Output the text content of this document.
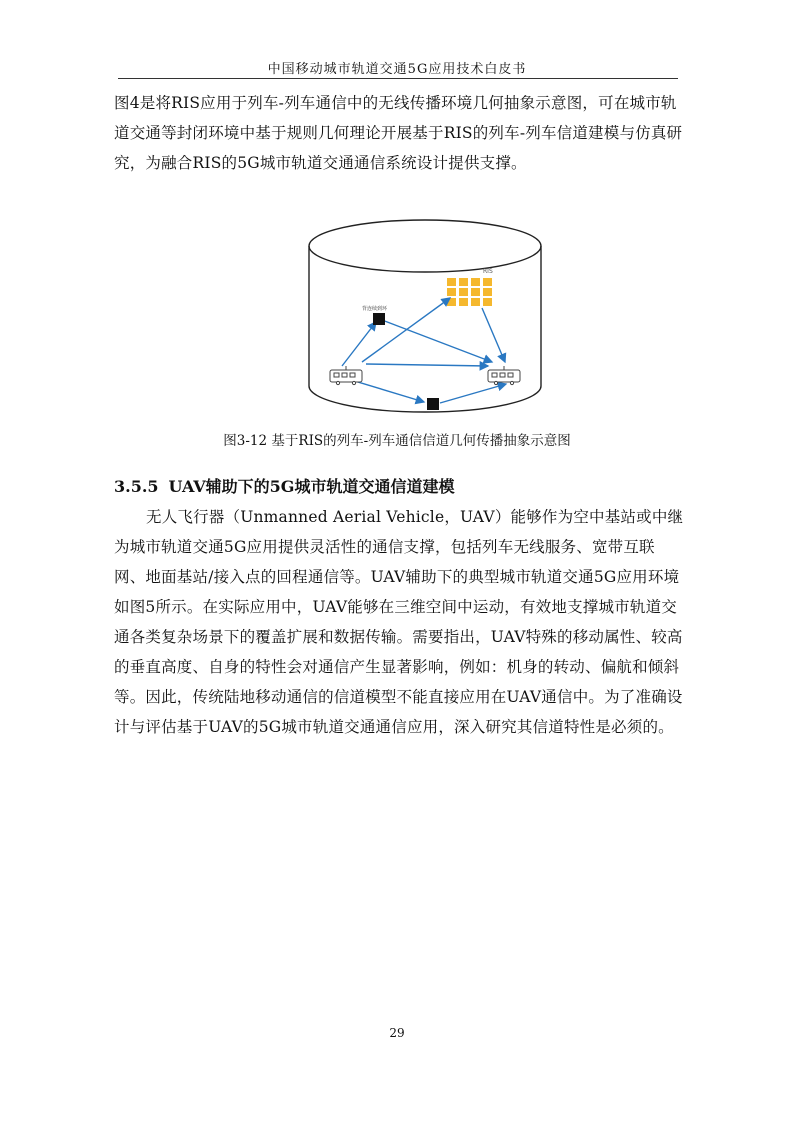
中国移动城市轨道交通5G应用技术白皮书

图4是将RIS应用于列车-列车通信中的无线传播环境几何抽象示意图，可在城市轨道交通等封闭环境中基于规则几何理论开展基于RIS的列车-列车信道建模与仿真研究，为融合RIS的5G城市轨道交通通信系统设计提供支撑。

RIS
背连续到环
图3-12 基于RIS的列车-列车通信信道几何传播抽象示意图
3.5.5 UAV辅助下的5G城市轨道交通信道建模

无人飞行器（Unmanned Aerial Vehicle，UAV）能够作为空中基站或中继为城市轨道交通5G应用提供灵活性的通信支撑，包括列车无线服务、宽带互联网、地面基站/接入点的回程通信等。UAV辅助下的典型城市轨道交通5G应用环境如图5所示。在实际应用中，UAV能够在三维空间中运动，有效地支撑城市轨道交通各类复杂场景下的覆盖扩展和数据传输。需要指出，UAV特殊的移动属性、较高的垂直高度、自身的特性会对通信产生显著影响，例如：机身的转动、偏航和倾斜等。因此，传统陆地移动通信的信道模型不能直接应用在UAV通信中。为了准确设计与评估基于UAV的5G城市轨道交通通信应用，深入研究其信道特性是必须的。

29
